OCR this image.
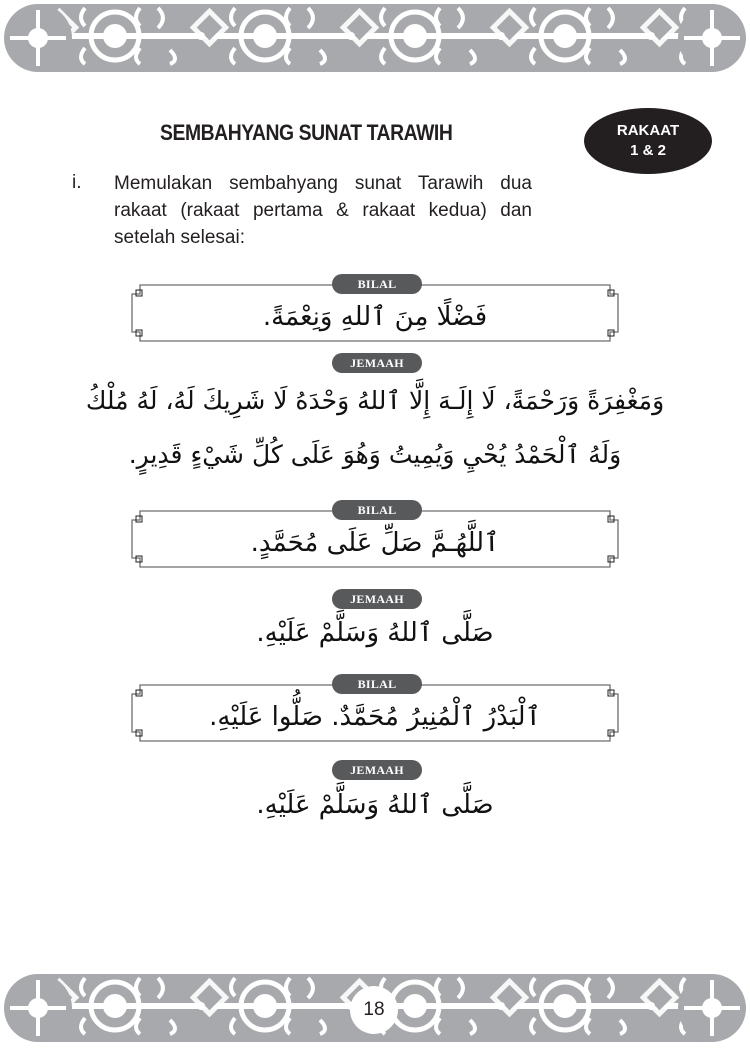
SEMBAHYANG SUNAT TARAWIH	RAKAAT
1 & 2
i. Memulakan sembahyang sunat Tarawih dua rakaat (rakaat pertama & rakaat kedua) dan setelah selesai:
BILAL
فَضْلًا مِنَ ٱللهِ وَنِعْمَةً.
JEMAAH
وَمَغْفِرَةً وَرَحْمَةً، لَا إِلَـهَ إِلَّا ٱللهُ وَحْدَهُ لَا شَرِيكَ لَهُ، لَهُ مُلْكُ
وَلَهُ ٱلْحَمْدُ يُحْيِ وَيُمِيتُ وَهُوَ عَلَى كُلِّ شَيْءٍ قَدِيرٍ.
BILAL
ٱللَّهُـمَّ صَلِّ عَلَى مُحَمَّدٍ.
JEMAAH
صَلَّى ٱللهُ وَسَلَّمْ عَلَيْهِ.
BILAL
ٱلْبَدْرُ ٱلْمُنِيرُ مُحَمَّدٌ. صَلُّوا عَلَيْهِ.
JEMAAH
صَلَّى ٱللهُ وَسَلَّمْ عَلَيْهِ.
18
